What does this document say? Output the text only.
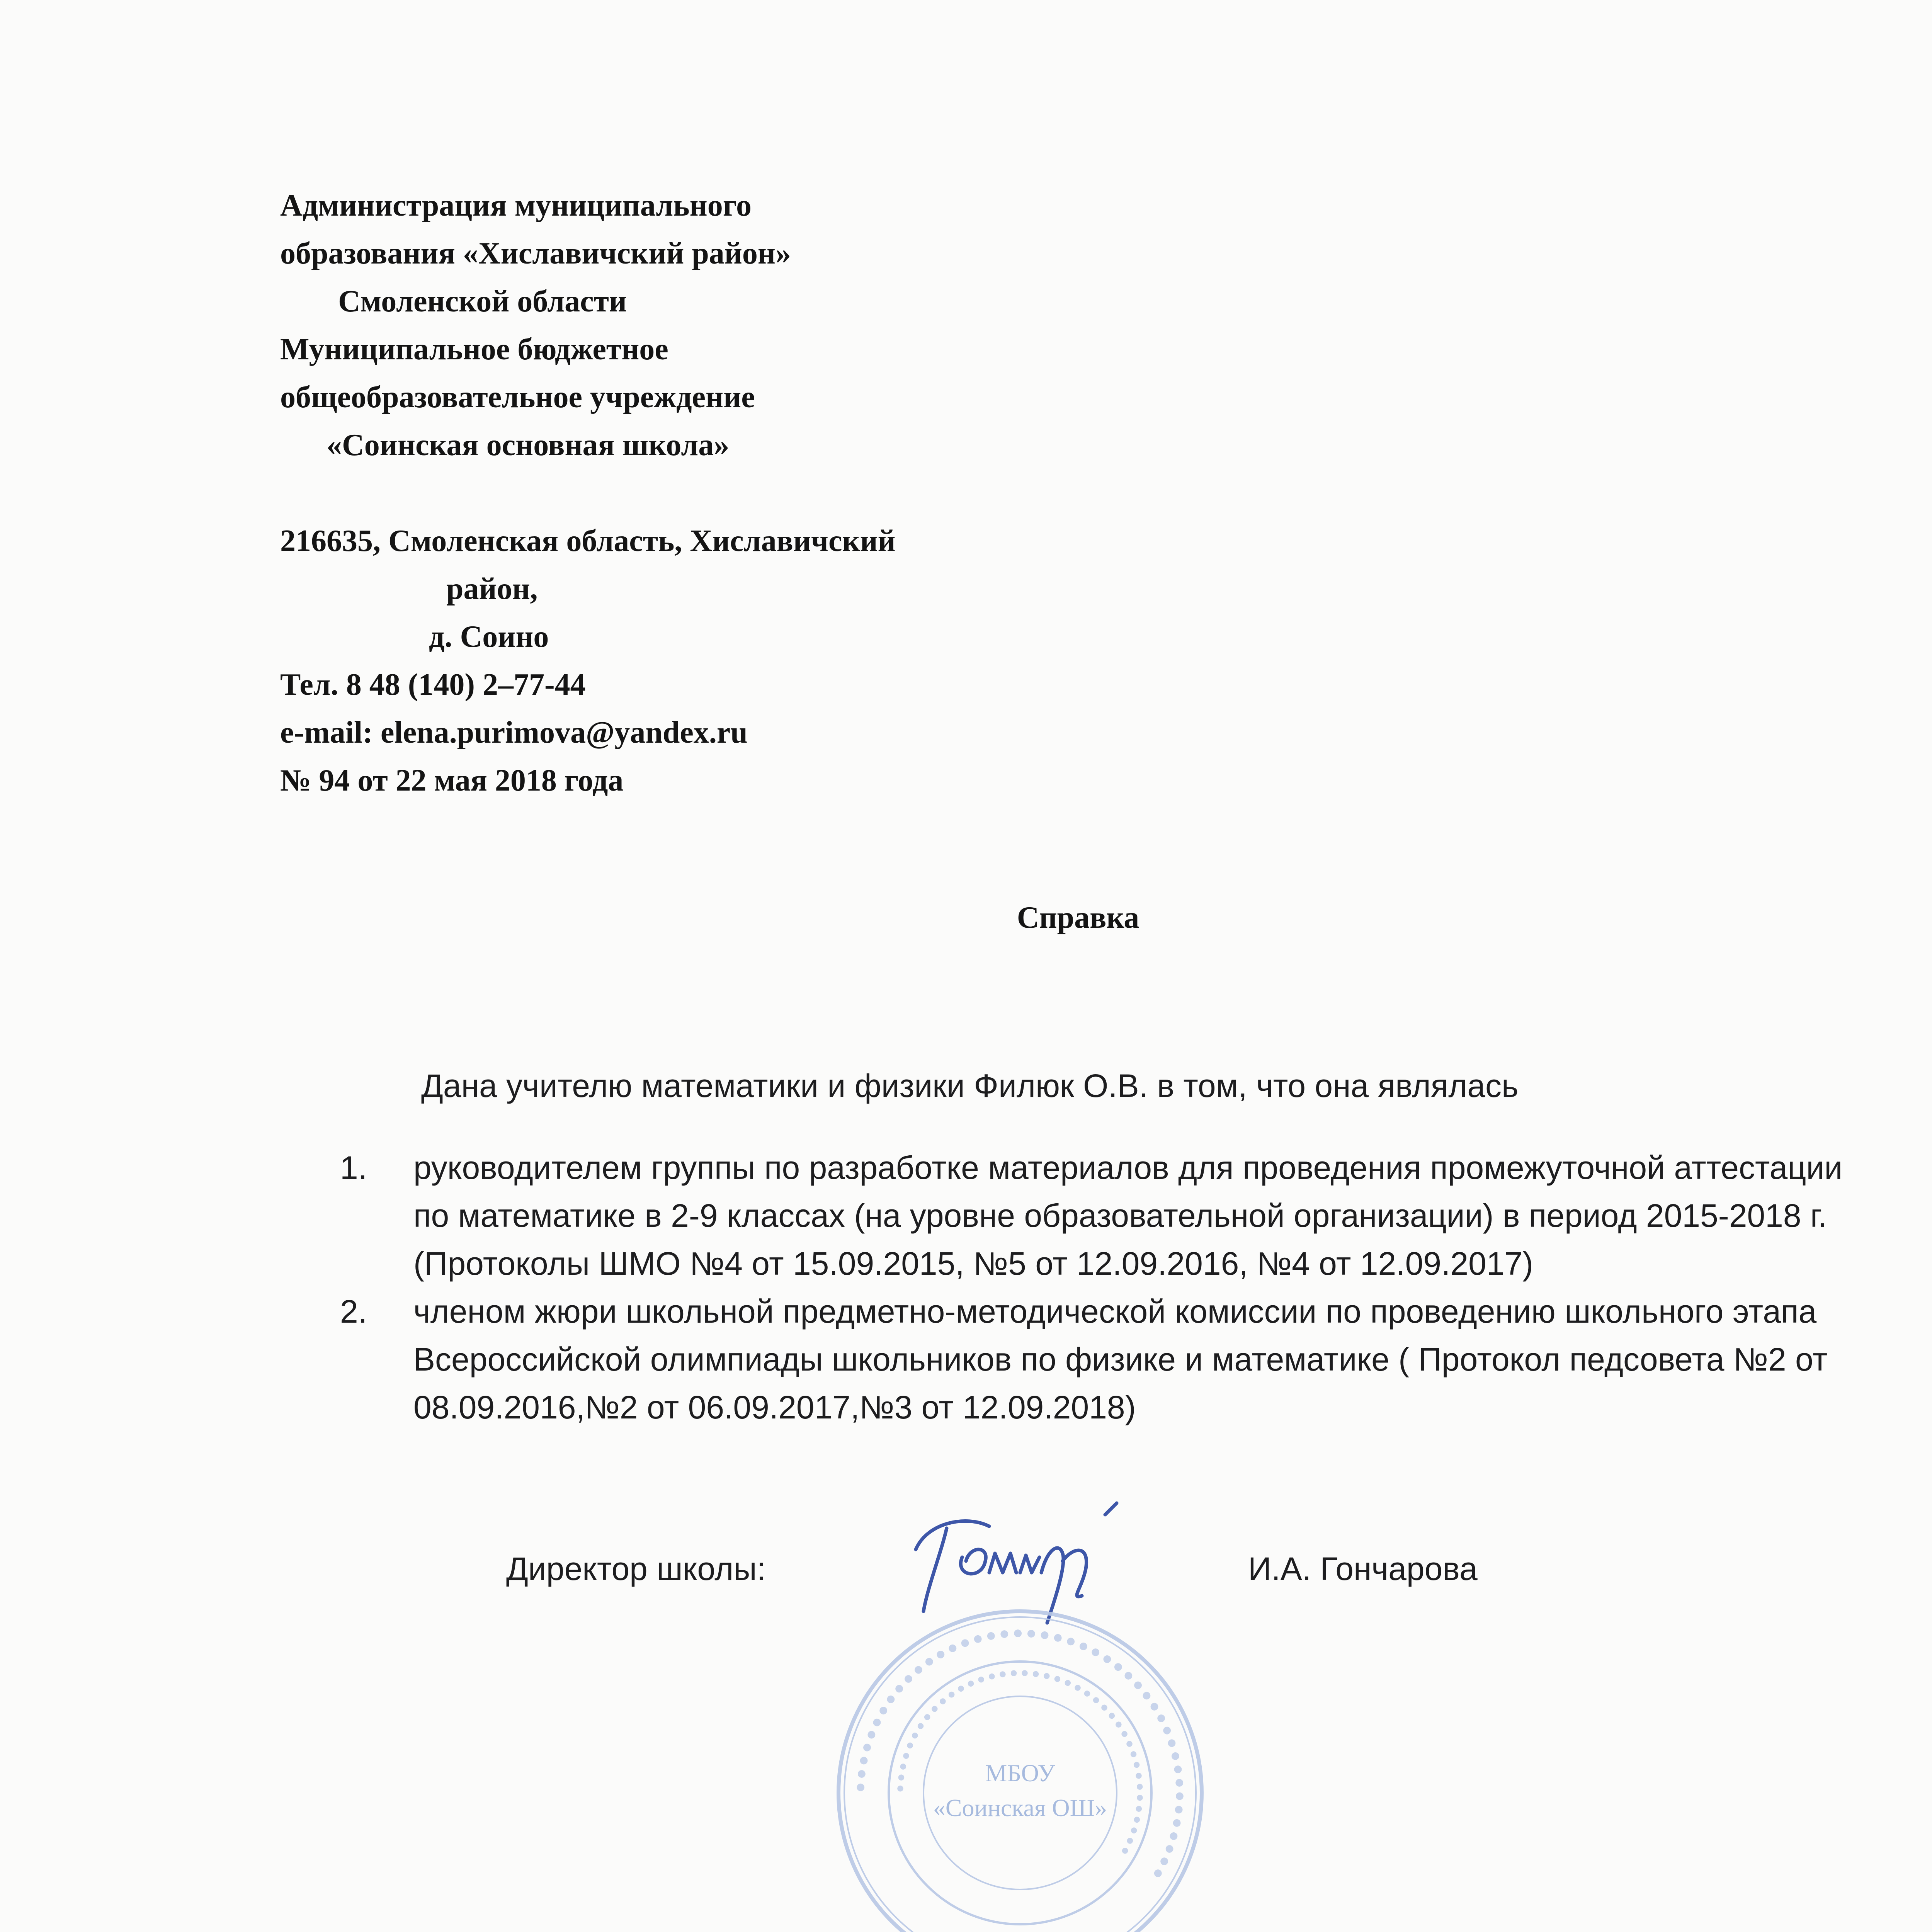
Администрация муниципального
образования «Хиславичский район»
Смоленской области
Муниципальное бюджетное
общеобразовательное учреждение
«Соинская основная школа»
216635, Смоленская область, Хиславичский
район,
д. Соино
Тел. 8 48 (140) 2–77-44
e-mail: elena.purimova@yandex.ru
№ 94 от 22 мая 2018 года
Справка
Дана учителю математики и физики Филюк О.В. в том, что она являлась
1. руководителем группы по разработке материалов для проведения промежуточной аттестации по математике в 2-9 классах (на уровне образовательной организации) в период 2015-2018 г. (Протоколы ШМО №4 от 15.09.2015, №5 от 12.09.2016, №4 от 12.09.2017)
2. членом жюри школьной предметно-методической комиссии по проведению школьного этапа Всероссийской олимпиады школьников по физике и математике ( Протокол педсовета №2 от 08.09.2016,№2 от 06.09.2017,№3 от 12.09.2018)
Директор школы:	И.А. Гончарова
●●●●●●●●●●●●●●●●●●●●●●●●●●●●●●●●●●●●●●●●●●●●
●●●●●●●●●●●●●●●●●●●●●●●●●●●●●●●●●●●●●●●●
МБОУ
«Соинская ОШ»
